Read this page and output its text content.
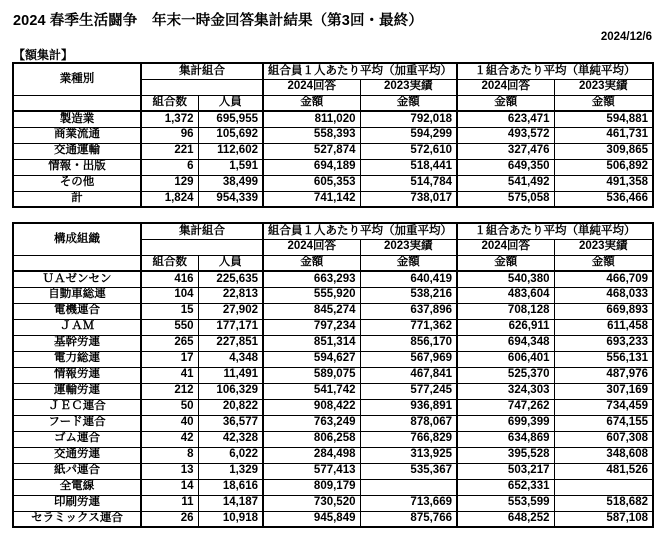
2024 春季生活闘争　年末一時金回答集計結果（第3回・最終）
2024/12/6
【額集計】
業種別	集計組合		組合員１人あたり平均（加重平均）		１組合あたり平均（単純平均）	
			2024回答	2023実績	2024回答	2023実績
	組合数	人員	金額	金額	金額	金額
製造業	1,372	695,955	811,020	792,018	623,471	594,881
商業流通	96	105,692	558,393	594,299	493,572	461,731
交通運輸	221	112,602	527,874	572,610	327,476	309,865
情報・出版	6	1,591	694,189	518,441	649,350	506,892
その他	129	38,499	605,353	514,784	541,492	491,358
計	1,824	954,339	741,142	738,017	575,058	536,466
構成組織	集計組合		組合員１人あたり平均（加重平均）		１組合あたり平均（単純平均）	
			2024回答	2023実績	2024回答	2023実績
	組合数	人員	金額	金額	金額	金額
ＵＡゼンセン	416	225,635	663,293	640,419	540,380	466,709
自動車総連	104	22,813	555,920	538,216	483,604	468,033
電機連合	15	27,902	845,274	637,896	708,128	669,893
ＪＡＭ	550	177,171	797,234	771,362	626,911	611,458
基幹労連	265	227,851	851,314	856,170	694,348	693,233
電力総連	17	4,348	594,627	567,969	606,401	556,131
情報労連	41	11,491	589,075	467,841	525,370	487,976
運輸労連	212	106,329	541,742	577,245	324,303	307,169
ＪＥＣ連合	50	20,822	908,422	936,891	747,262	734,459
フード連合	40	36,577	763,249	878,067	699,399	674,155
ゴム連合	42	42,328	806,258	766,829	634,869	607,308
交通労連	8	6,022	284,498	313,925	395,528	348,608
紙パ連合	13	1,329	577,413	535,367	503,217	481,526
全電線	14	18,616	809,179		652,331	
印刷労連	11	14,187	730,520	713,669	553,599	518,682
セラミックス連合	26	10,918	945,849	875,766	648,252	587,108
